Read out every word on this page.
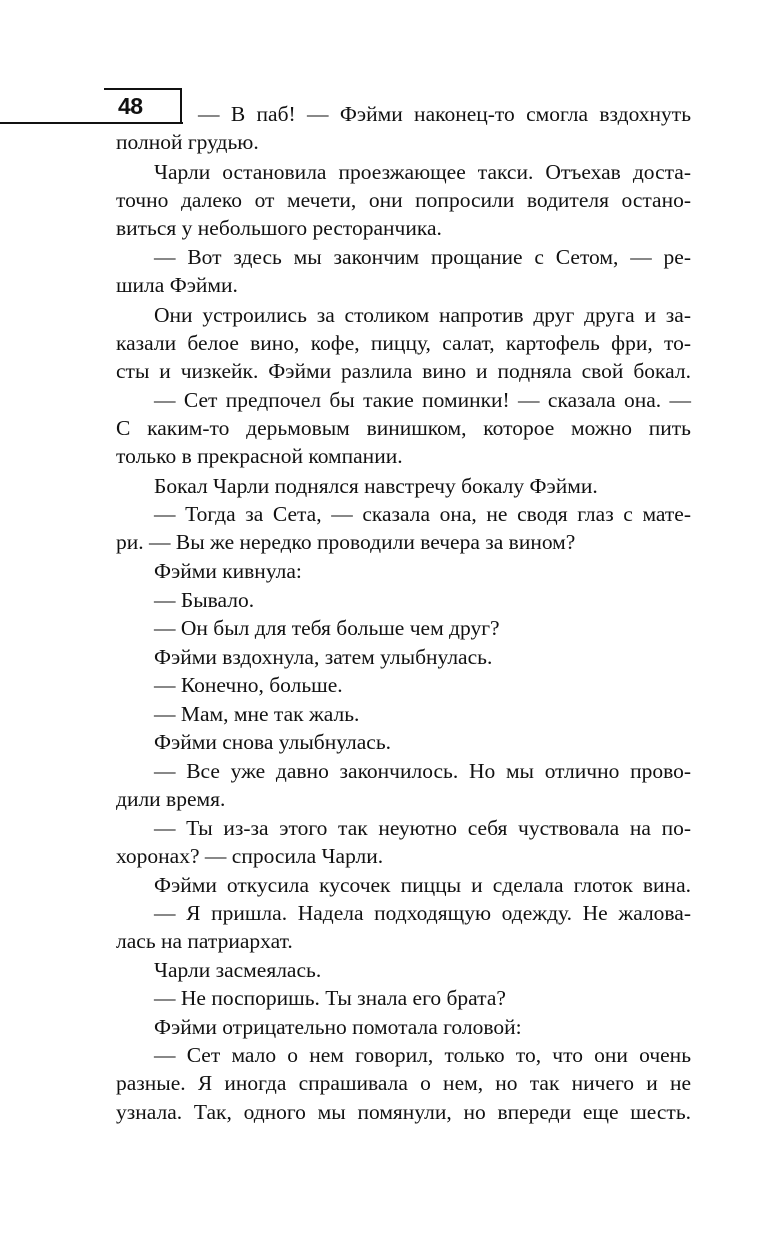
48	— В паб! — Фэйми наконец-то смогла вздохнуть
полной грудью.
Чарли остановила проезжающее такси. Отъехав доста-
точно далеко от мечети, они попросили водителя остано-
виться у небольшого ресторанчика.
— Вот здесь мы закончим прощание с Сетом, — ре-
шила Фэйми.
Они устроились за столиком напротив друг друга и за-
казали белое вино, кофе, пиццу, салат, картофель фри, то-
сты и чизкейк. Фэйми разлила вино и подняла свой бокал.
— Сет предпочел бы такие поминки! — сказала она. —
С каким-то дерьмовым винишком, которое можно пить
только в прекрасной компании.
Бокал Чарли поднялся навстречу бокалу Фэйми.
— Тогда за Сета, — сказала она, не сводя глаз с мате-
ри. — Вы же нередко проводили вечера за вином?
Фэйми кивнула:
— Бывало.
— Он был для тебя больше чем друг?
Фэйми вздохнула, затем улыбнулась.
— Конечно, больше.
— Мам, мне так жаль.
Фэйми снова улыбнулась.
— Все уже давно закончилось. Но мы отлично прово-
дили время.
— Ты из-за этого так неуютно себя чуствовала на по-
хоронах? — спросила Чарли.
Фэйми откусила кусочек пиццы и сделала глоток вина.
— Я пришла. Надела подходящую одежду. Не жалова-
лась на патриархат.
Чарли засмеялась.
— Не поспоришь. Ты знала его брата?
Фэйми отрицательно помотала головой:
— Сет мало о нем говорил, только то, что они очень
разные. Я иногда спрашивала о нем, но так ничего и не
узнала. Так, одного мы помянули, но впереди еще шесть.
